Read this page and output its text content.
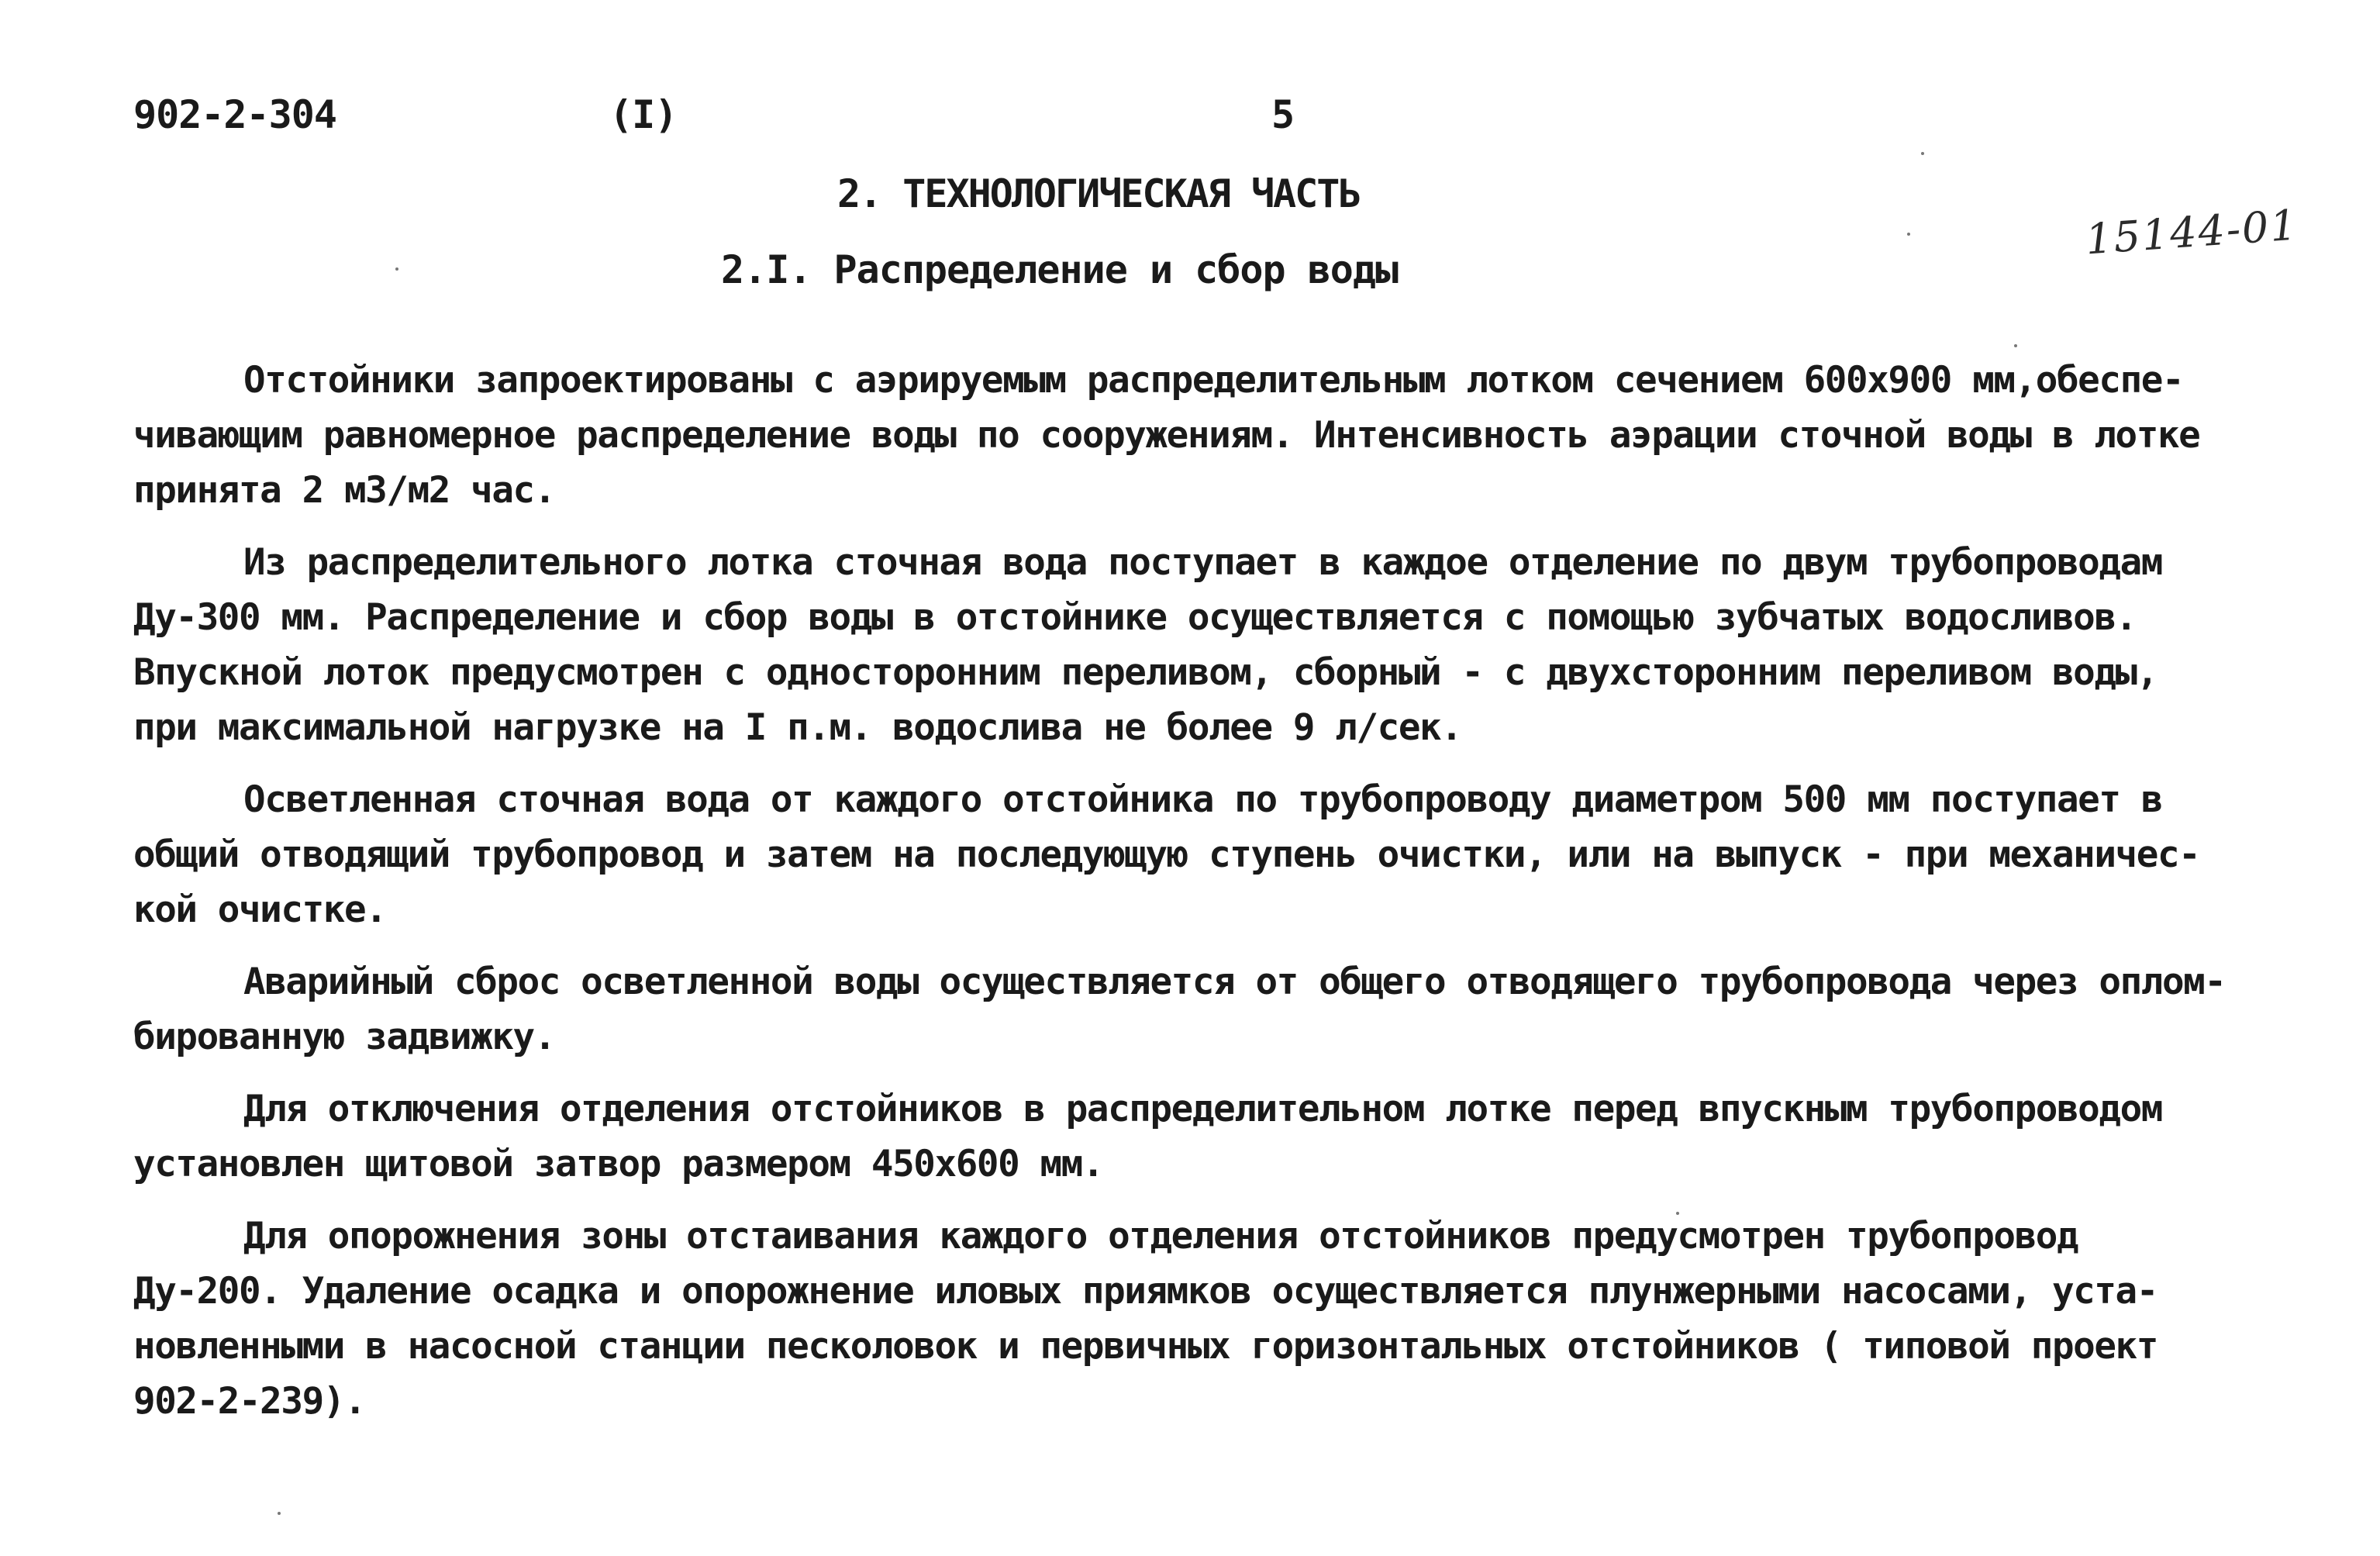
902-2-304	(I)	5
2. ТЕХНОЛОГИЧЕСКАЯ ЧАСТЬ
2.I. Распределение и сбор воды
15144-01
Отстойники запроектированы с аэрируемым распределительным лотком сечением 600х900 мм,обеспе-
чивающим равномерное распределение воды по сооружениям. Интенсивность аэрации сточной воды в лотке
принята 2 м3/м2 час.
Из распределительного лотка сточная вода поступает в каждое отделение по двум трубопроводам
Ду-300 мм. Распределение и сбор воды в отстойнике осуществляется с помощью зубчатых водосливов.
Впускной лоток предусмотрен с односторонним переливом, сборный - с двухсторонним переливом воды,
при максимальной нагрузке на I п.м. водослива не более 9 л/сек.
Осветленная сточная вода от каждого отстойника по трубопроводу диаметром 500 мм поступает в
общий отводящий трубопровод и затем на последующую ступень очистки, или на выпуск - при механичес-
кой очистке.
Аварийный сброс осветленной воды осуществляется от общего отводящего трубопровода через оплом-
бированную задвижку.
Для отключения отделения отстойников в распределительном лотке перед впускным трубопроводом
установлен щитовой затвор размером 450х600 мм.
Для опорожнения зоны отстаивания каждого отделения отстойников предусмотрен трубопровод
Ду-200. Удаление осадка и опорожнение иловых приямков осуществляется плунжерными насосами, уста-
новленными в насосной станции песколовок и первичных горизонтальных отстойников ( типовой проект
902-2-239).
